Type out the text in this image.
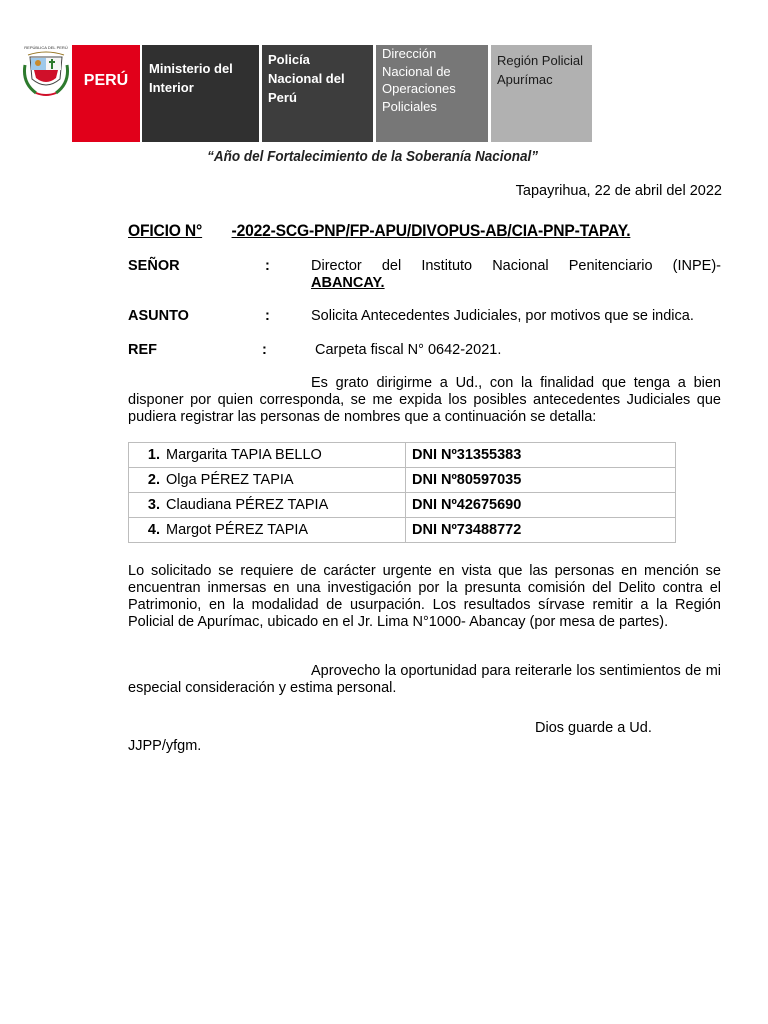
REPÚBLICA DEL PERÚ
PERÚ
Ministerio del Interior
Policía Nacional del Perú
Dirección Nacional de Operaciones Policiales
Región Policial Apurímac
“Año del Fortalecimiento de la Soberanía Nacional”
Tapayrihua, 22 de abril del 2022
OFICIO N° -2022-SCG-PNP/FP-APU/DIVOPUS-AB/CIA-PNP-TAPAY.
SEÑOR	:	Director del Instituto Nacional Penitenciario (INPE)-
ABANCAY.
ASUNTO	:	Solicita Antecedentes Judiciales, por motivos que se indica.
REF	:	Carpeta fiscal N° 0642-2021.
Es grato dirigirme a Ud., con la finalidad que tenga a bien disponer por quien corresponda, se me expida los posibles antecedentes Judiciales que pudiera registrar las personas de nombres que a continuación se detalla:
1. Margarita TAPIA BELLO	DNI Nº31355383
2. Olga PÉREZ TAPIA	DNI Nº80597035
3. Claudiana PÉREZ TAPIA	DNI Nº42675690
4. Margot PÉREZ TAPIA	DNI Nº73488772
Lo solicitado se requiere de carácter urgente en vista que las personas en mención se encuentran inmersas en una investigación por la presunta comisión del Delito contra el Patrimonio, en la modalidad de usurpación. Los resultados sírvase remitir a la Región Policial de Apurímac, ubicado en el Jr. Lima N°1000- Abancay (por mesa de partes).
Aprovecho la oportunidad para reiterarle los sentimientos de mi especial consideración y estima personal.
Dios guarde a Ud.
JJPP/yfgm.
